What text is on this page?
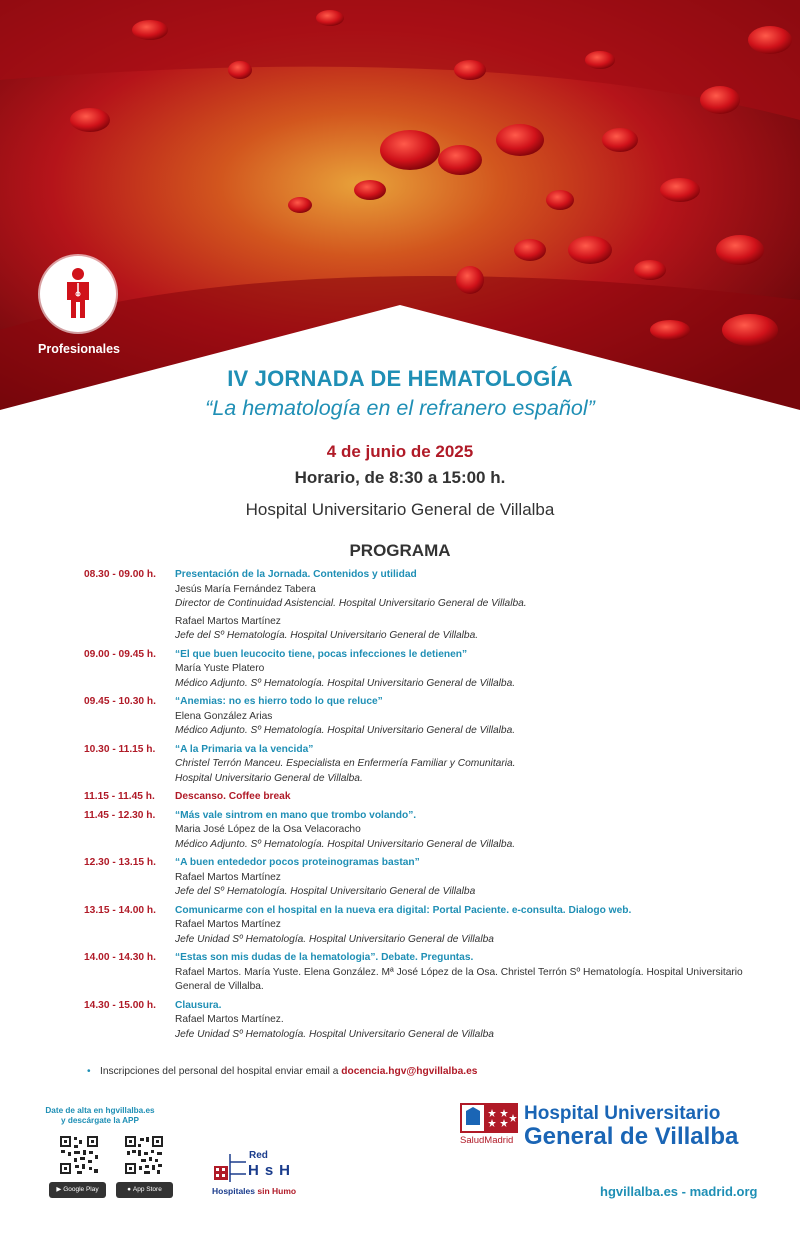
Profesionales
IV JORNADA DE HEMATOLOGÍA
“La hematología en el refranero español”
4 de junio de 2025
Horario, de 8:30 a 15:00 h.
Hospital Universitario General de Villalba
PROGRAMA
08.30 - 09.00 h.	Presentación de la Jornada. Contenidos y utilidad
Jesús María Fernández Tabera
Director de Continuidad Asistencial. Hospital Universitario General de Villalba.
Rafael Martos Martínez
Jefe del Sº Hematología. Hospital Universitario General de Villalba.
09.00 - 09.45 h.	“El que buen leucocito tiene, pocas infecciones le detienen”
María Yuste Platero
Médico Adjunto. Sº Hematología. Hospital Universitario General de Villalba.
09.45 - 10.30 h.	“Anemias: no es hierro todo lo que reluce”
Elena González Arias
Médico Adjunto. Sº Hematología. Hospital Universitario General de Villalba.
10.30 - 11.15 h.	“A la Primaria va la vencida”
Christel Terrón Manceu. Especialista en Enfermería Familiar y Comunitaria.
Hospital Universitario General de Villalba.
11.15 - 11.45 h.	Descanso. Coffee break
11.45 - 12.30 h.	“Más vale sintrom en mano que trombo volando”.
Maria José López de la Osa Velacoracho
Médico Adjunto. Sº Hematología. Hospital Universitario General de Villalba.
12.30 - 13.15 h.	“A buen entededor pocos proteinogramas bastan”
Rafael Martos Martínez
Jefe del Sº Hematología. Hospital Universitario General de Villalba
13.15 - 14.00 h.	Comunicarme con el hospital en la nueva era digital: Portal Paciente. e-consulta. Dialogo web.
Rafael Martos Martínez
Jefe Unidad Sº Hematología. Hospital Universitario General de Villalba
14.00 - 14.30 h.	“Estas son mis dudas de la hematologia”. Debate. Preguntas.
Rafael Martos. María Yuste. Elena González. Mª José López de la Osa. Christel Terrón Sº Hematología. Hospital Universitario General de Villalba.
14.30 - 15.00 h.	Clausura.
Rafael Martos Martínez.
Jefe Unidad Sº Hematología. Hospital Universitario General de Villalba
• Inscripciones del personal del hospital enviar email a docencia.hgv@hgvillalba.es
Date de alta en hgvillalba.es
y descárgate la APP
▶ Google Play	● App Store
Red
HsH
Hospitales sin Humo
SaludMadrid
Hospital Universitario
General de Villalba
hgvillalba.es - madrid.org
